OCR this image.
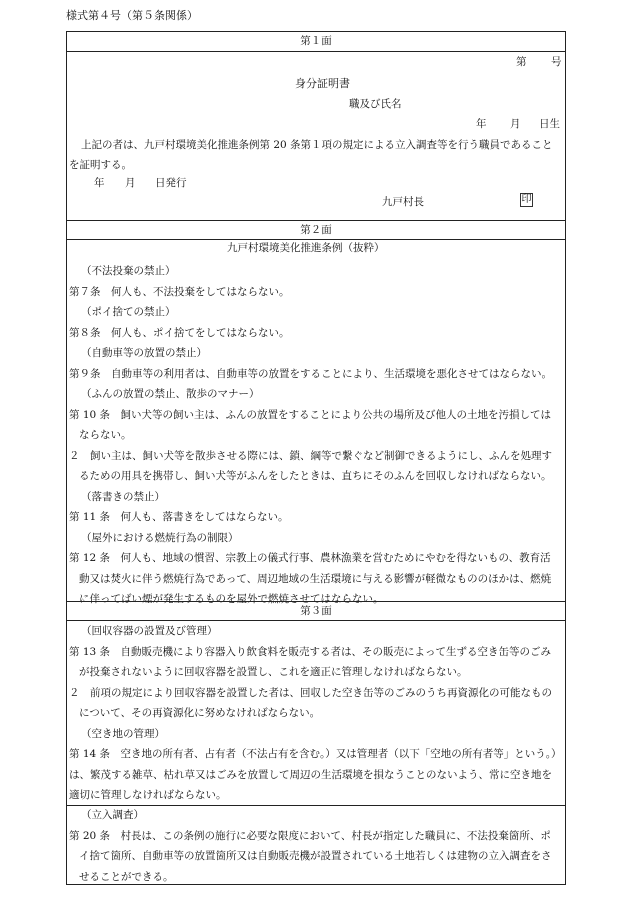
様式第４号（第５条関係）
第１面
第 号
身分証明書
職及び氏名
年 月 日生
上記の者は、九戸村環境美化推進条例第 20 条第１項の規定による立入調査等を行う職員であること
を証明する。
年 月 日発行
九戸村長	印
第２面
九戸村環境美化推進条例（抜粋）
（不法投棄の禁止）
第７条　何人も、不法投棄をしてはならない。
（ポイ捨ての禁止）
第８条　何人も、ポイ捨てをしてはならない。
（自動車等の放置の禁止）
第９条　自動車等の利用者は、自動車等の放置をすることにより、生活環境を悪化させてはならない。
（ふんの放置の禁止、散歩のマナー）
第 10 条　飼い犬等の飼い主は、ふんの放置をすることにより公共の場所及び他人の土地を汚損しては
ならない。
２　飼い主は、飼い犬等を散歩させる際には、鎖、綱等で繋ぐなど制御できるようにし、ふんを処理す
るための用具を携帯し、飼い犬等がふんをしたときは、直ちにそのふんを回収しなければならない。
（落書きの禁止）
第 11 条　何人も、落書きをしてはならない。
（屋外における燃焼行為の制限）
第 12 条　何人も、地域の慣習、宗教上の儀式行事、農林漁業を営むためにやむを得ないもの、教育活
動又は焚火に伴う燃焼行為であって、周辺地域の生活環境に与える影響が軽微なもののほかは、燃焼
に伴ってばい煙が発生するものを屋外で燃焼させてはならない。
第３面
（回収容器の設置及び管理）
第 13 条　自動販売機により容器入り飲食料を販売する者は、その販売によって生ずる空き缶等のごみ
が投棄されないように回収容器を設置し、これを適正に管理しなければならない。
２　前項の規定により回収容器を設置した者は、回収した空き缶等のごみのうち再資源化の可能なもの
について、その再資源化に努めなければならない。
（空き地の管理）
第 14 条　空き地の所有者、占有者（不法占有を含む。）又は管理者（以下「空地の所有者等」という。）
は、繁茂する雑草、枯れ草又はごみを放置して周辺の生活環境を損なうことのないよう、常に空き地を
適切に管理しなければならない。
（立入調査）
第 20 条　村長は、この条例の施行に必要な限度において、村長が指定した職員に、不法投棄箇所、ポ
イ捨て箇所、自動車等の放置箇所又は自動販売機が設置されている土地若しくは建物の立入調査をさ
せることができる。
